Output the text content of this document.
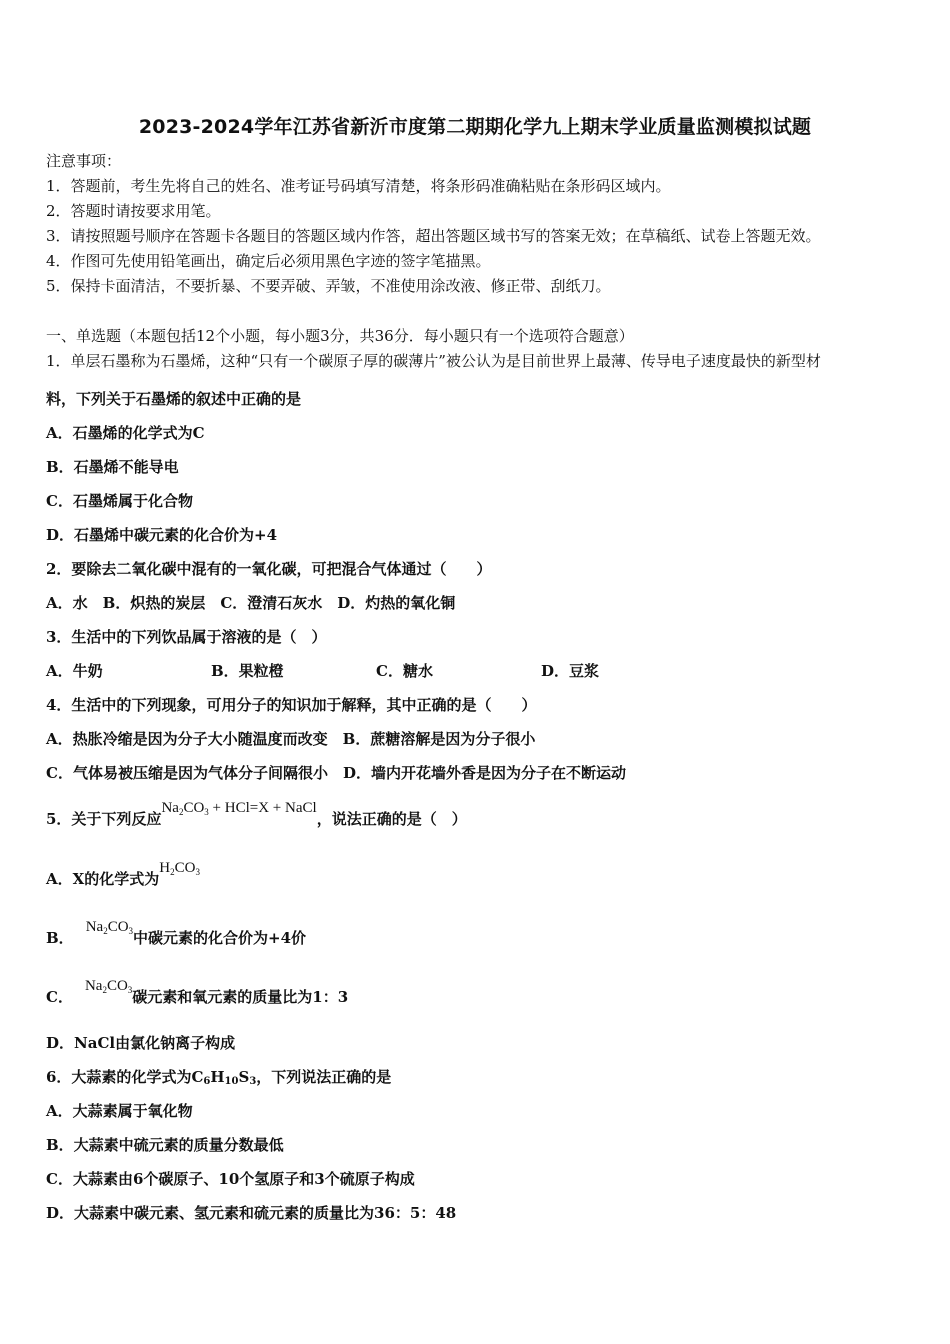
2023-2024学年江苏省新沂市度第二期期化学九上期末学业质量监测模拟试题
注意事项：
1．答题前，考生先将自己的姓名、准考证号码填写清楚，将条形码准确粘贴在条形码区域内。
2．答题时请按要求用笔。
3．请按照题号顺序在答题卡各题目的答题区域内作答，超出答题区域书写的答案无效；在草稿纸、试卷上答题无效。
4．作图可先使用铅笔画出，确定后必须用黑色字迹的签字笔描黑。
5．保持卡面清洁，不要折暴、不要弄破、弄皱，不准使用涂改液、修正带、刮纸刀。
一、单选题（本题包括12个小题，每小题3分，共36分．每小题只有一个选项符合题意）
1．单层石墨称为石墨烯，这种“只有一个碳原子厚的碳薄片”被公认为是目前世界上最薄、传导电子速度最快的新型材
料，下列关于石墨烯的叙述中正确的是
A．石墨烯的化学式为C
B．石墨烯不能导电
C．石墨烯属于化合物
D．石墨烯中碳元素的化合价为+4
2．要除去二氧化碳中混有的一氧化碳，可把混合气体通过（　　）
A．水　B．炽热的炭层　C．澄清石灰水　D．灼热的氧化铜
3．生活中的下列饮品属于溶液的是（　）
A．牛奶	B．果粒橙	C．糖水	D．豆浆
4．生活中的下列现象，可用分子的知识加于解释，其中正确的是（　　）
A．热胀冷缩是因为分子大小随温度而改变　B．蔗糖溶解是因为分子很小
C．气体易被压缩是因为气体分子间隔很小　D．墙内开花墙外香是因为分子在不断运动
5．关于下列反应$Na_2CO_3 + HCl=X$ + NaCl，说法正确的是（　）
A．X的化学式为$H_2CO_3$
B．$Na_2CO_3$中碳元素的化合价为+4价
C．$Na_2CO_3$碳元素和氧元素的质量比为1：3
D．NaCl由氯化钠离子构成
6．大蒜素的化学式为C6H10S3，下列说法正确的是
A．大蒜素属于氧化物
B．大蒜素中硫元素的质量分数最低
C．大蒜素由6个碳原子、10个氢原子和3个硫原子构成
D．大蒜素中碳元素、氢元素和硫元素的质量比为36：5：48
